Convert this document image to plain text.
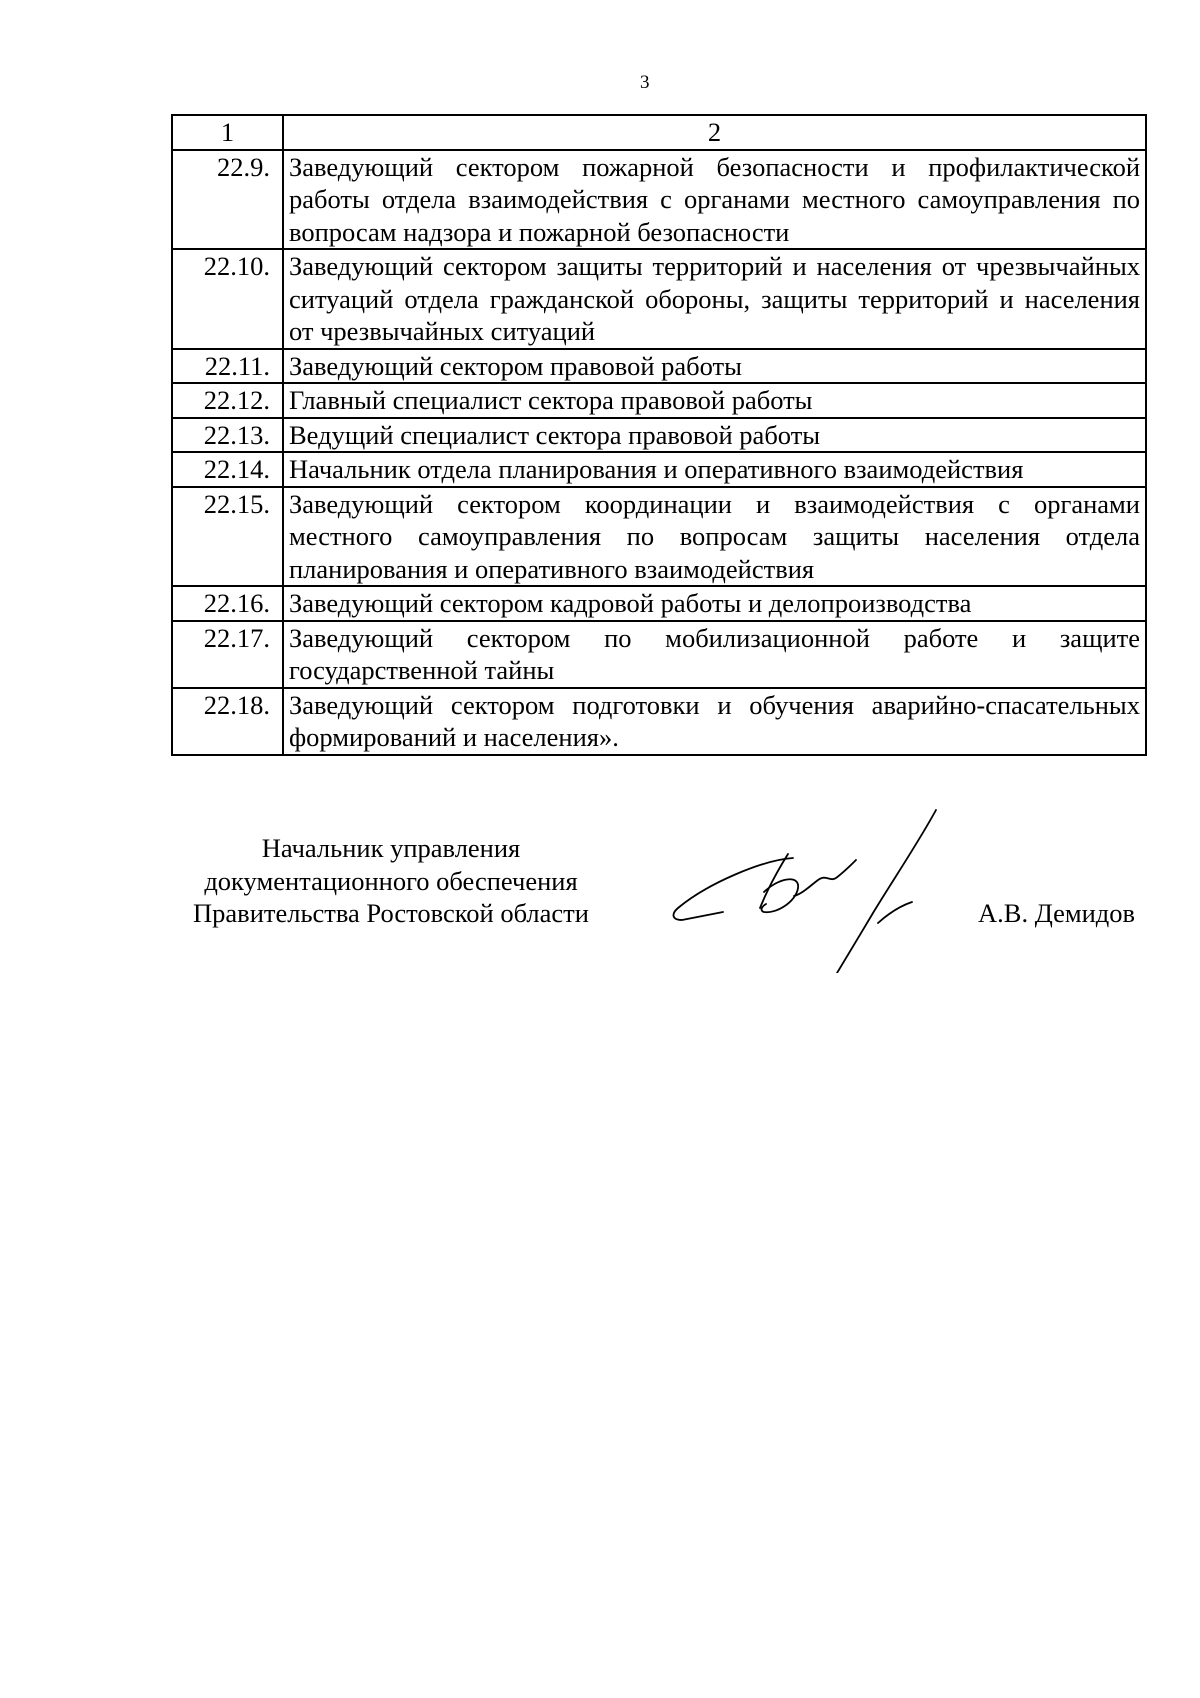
3
1	2
22.9.	Заведующий сектором пожарной безопасности и профилактической работы отдела взаимодействия с органами местного самоуправления по вопросам надзора и пожарной безопасности
22.10.	Заведующий сектором защиты территорий и населения от чрезвычайных ситуаций отдела гражданской обороны, защиты территорий и населения от чрезвычайных ситуаций
22.11.	Заведующий сектором правовой работы
22.12.	Главный специалист сектора правовой работы
22.13.	Ведущий специалист сектора правовой работы
22.14.	Начальник отдела планирования и оперативного взаимодействия
22.15.	Заведующий сектором координации и взаимодействия с органами местного самоуправления по вопросам защиты населения отдела планирования и оперативного взаимодействия
22.16.	Заведующий сектором кадровой работы и делопроизводства
22.17.	Заведующий сектором по мобилизационной работе и защите государственной тайны
22.18.	Заведующий сектором подготовки и обучения аварийно-спасательных формирований и населения».
Начальник управления
документационного обеспечения
Правительства Ростовской области	А.В. Демидов
